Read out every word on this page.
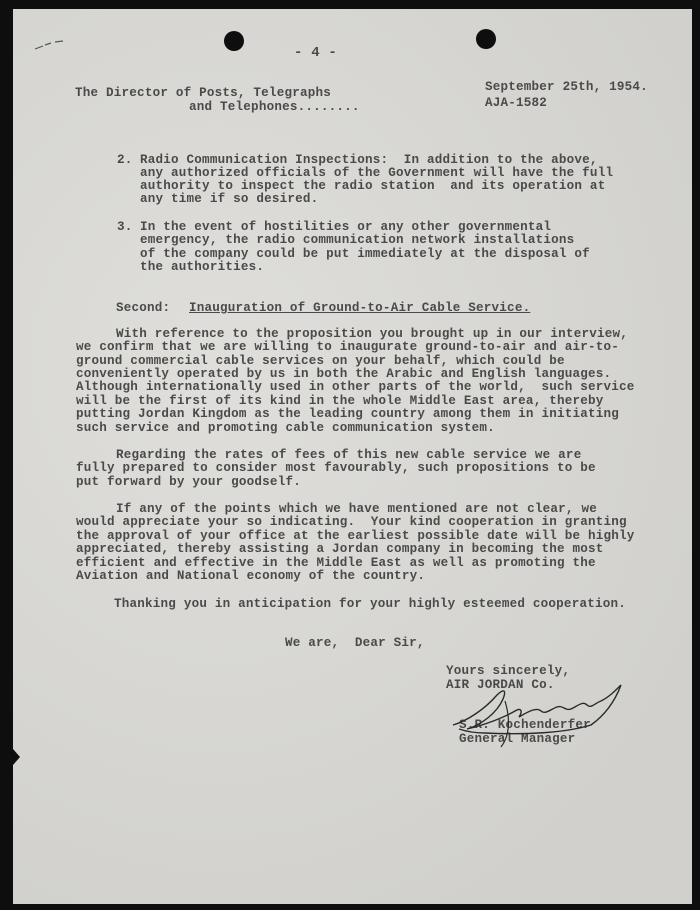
- 4 -

The Director of Posts, Telegraphs

and Telephones........

September 25th, 1954.

AJA-1582

2. Radio Communication Inspections:  In addition to the above,

any authorized officials of the Government will have the full

authority to inspect the radio station  and its operation at

any time if so desired.

3. In the event of hostilities or any other governmental

emergency, the radio communication network installations

of the company could be put immediately at the disposal of

the authorities.

Second: Inauguration of Ground-to-Air Cable Service.

With reference to the proposition you brought up in our interview,

we confirm that we are willing to inaugurate ground-to-air and air-to-

ground commercial cable services on your behalf, which could be

conveniently operated by us in both the Arabic and English languages.

Although internationally used in other parts of the world,  such service

will be the first of its kind in the whole Middle East area, thereby

putting Jordan Kingdom as the leading country among them in initiating

such service and promoting cable communication system.

Regarding the rates of fees of this new cable service we are

fully prepared to consider most favourably, such propositions to be

put forward by your goodself.

If any of the points which we have mentioned are not clear, we

would appreciate your so indicating.  Your kind cooperation in granting

the approval of your office at the earliest possible date will be highly

appreciated, thereby assisting a Jordan company in becoming the most

efficient and effective in the Middle East as well as promoting the

Aviation and National economy of the country.

Thanking you in anticipation for your highly esteemed cooperation.

We are,  Dear Sir,

Yours sincerely,

AIR JORDAN Co.

S.R. Kochenderfer

General Manager
